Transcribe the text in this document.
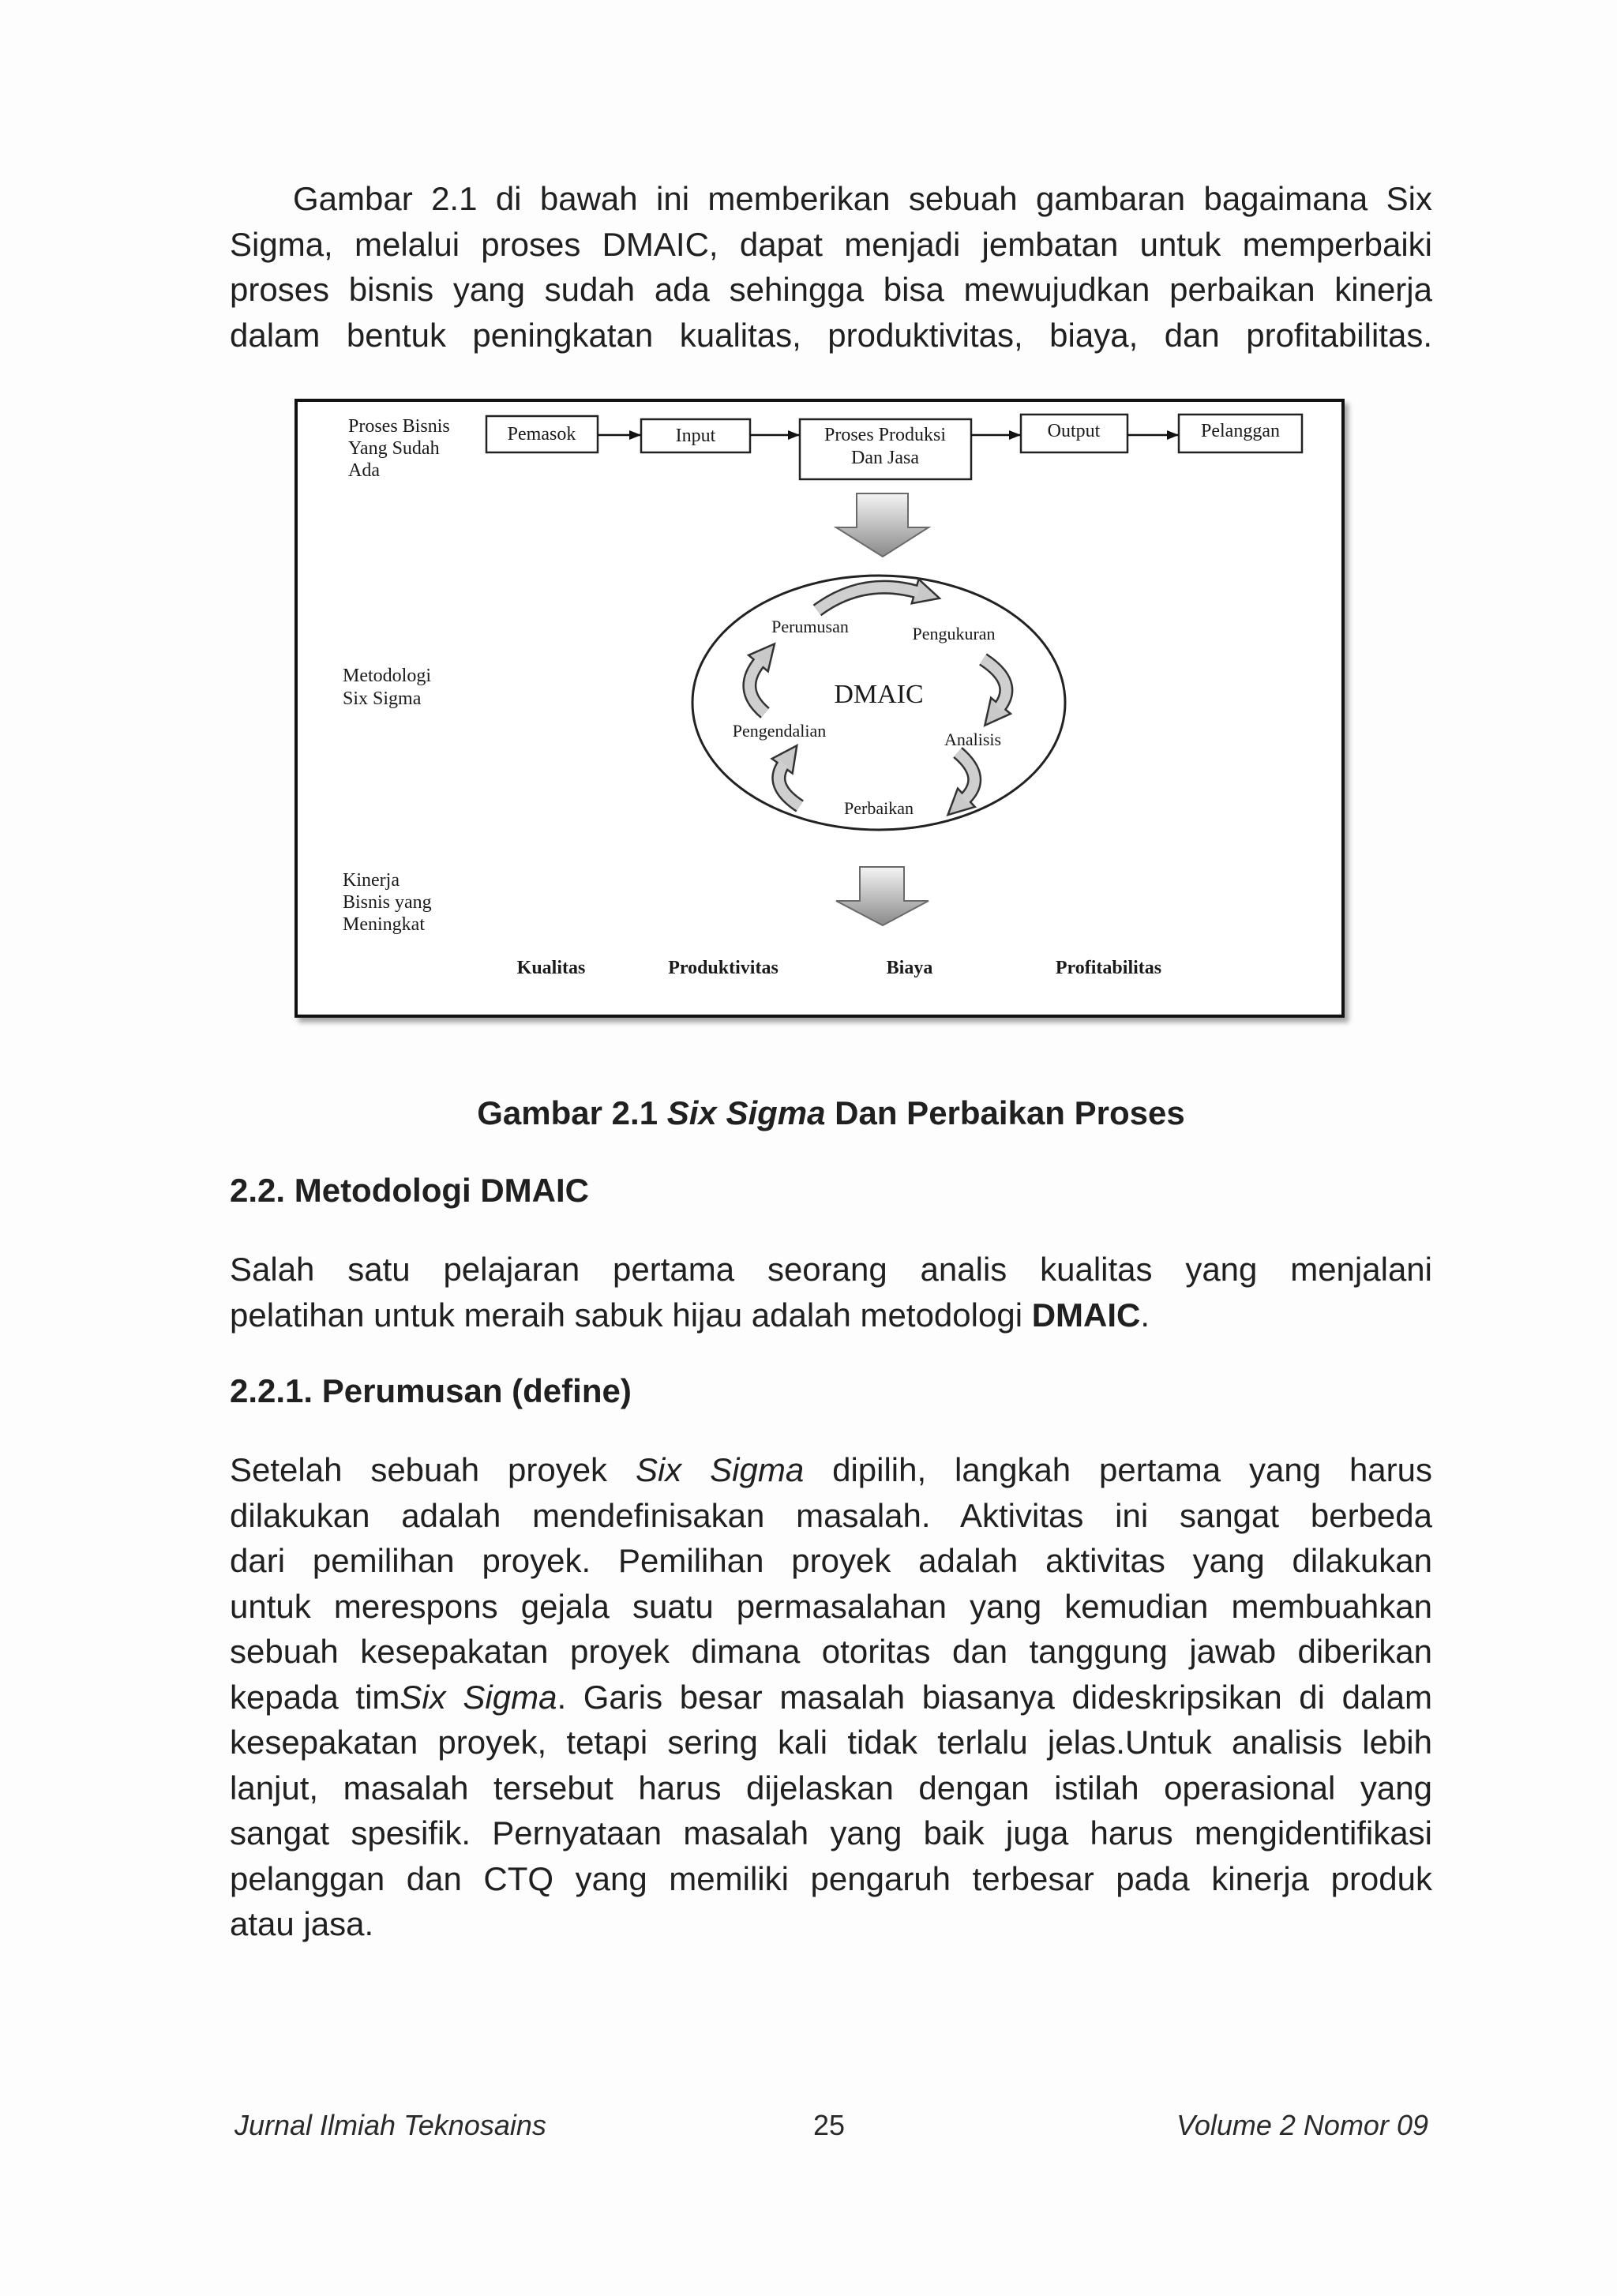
Gambar 2.1 di bawah ini memberikan sebuah gambaran bagaimana Six
Sigma, melalui proses DMAIC, dapat menjadi jembatan untuk memperbaiki
proses bisnis yang sudah ada sehingga bisa mewujudkan perbaikan kinerja
dalam bentuk peningkatan kualitas, produktivitas, biaya, dan profitabilitas.
Proses Bisnis
Yang Sudah
Ada
Pemasok	Input	Proses Produksi
Dan Jasa
Output	Pelanggan
Metodologi
Six Sigma
Perumusan	Pengukuran
Analisis
Perbaikan
Pengendalian
DMAIC
Kinerja
Bisnis yang
Meningkat
Kualitas	Produktivitas	Biaya	Profitabilitas
Gambar 2.1 Six Sigma Dan Perbaikan Proses
2.2. Metodologi DMAIC
Salah satu pelajaran pertama seorang analis kualitas yang menjalani
pelatihan untuk meraih sabuk hijau adalah metodologi DMAIC.
2.2.1. Perumusan (define)
Setelah sebuah proyek Six Sigma dipilih, langkah pertama yang harus
dilakukan adalah mendefinisakan masalah. Aktivitas ini sangat berbeda
dari pemilihan proyek. Pemilihan proyek adalah aktivitas yang dilakukan
untuk merespons gejala suatu permasalahan yang kemudian membuahkan
sebuah kesepakatan proyek dimana otoritas dan tanggung jawab diberikan
kepada timSix Sigma. Garis besar masalah biasanya dideskripsikan di dalam
kesepakatan proyek, tetapi sering kali tidak terlalu jelas.Untuk analisis lebih
lanjut, masalah tersebut harus dijelaskan dengan istilah operasional yang
sangat spesifik. Pernyataan masalah yang baik juga harus mengidentifikasi
pelanggan dan CTQ yang memiliki pengaruh terbesar pada kinerja produk
atau jasa.
Jurnal Ilmiah Teknosains	25	Volume 2 Nomor 09
